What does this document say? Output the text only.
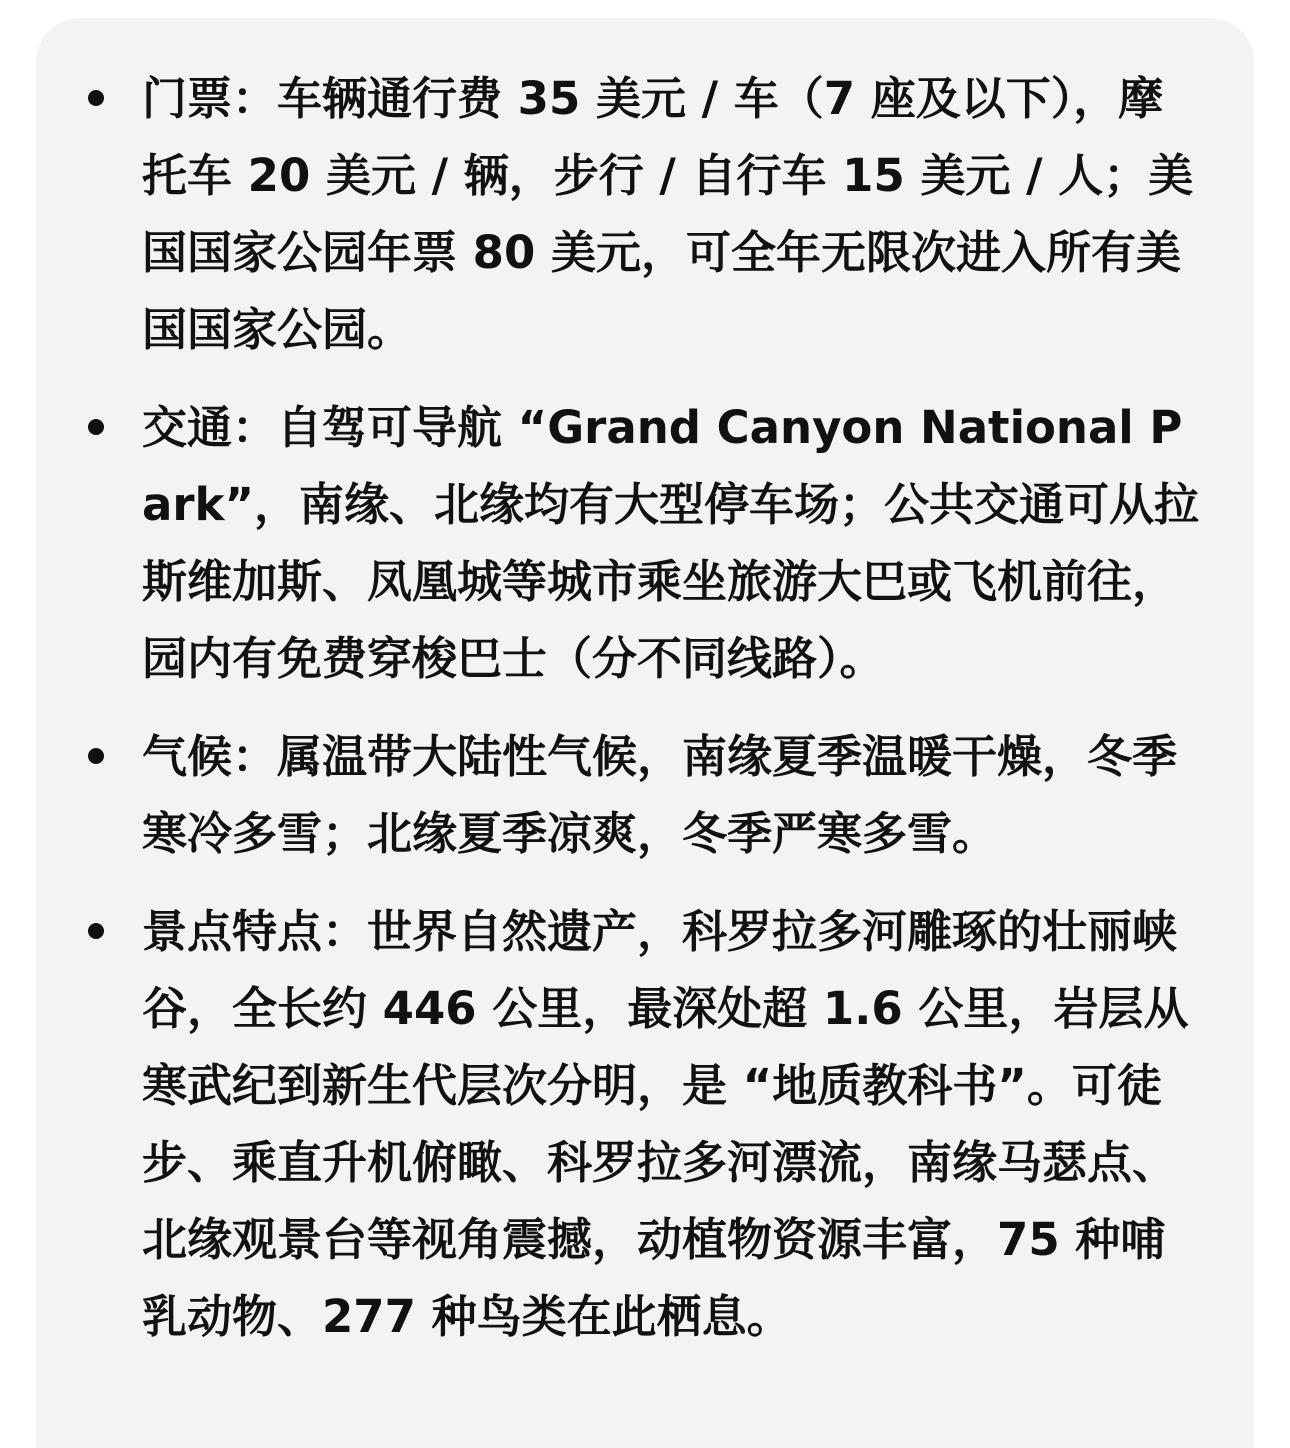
门票：车辆通行费 35 美元 / 车（7 座及以下），摩托车 20 美元 / 辆，步行 / 自行车 15 美元 / 人；美国国家公园年票 80 美元，可全年无限次进入所有美国国家公园。
交通：自驾可导航 “Grand Canyon National Park”，南缘、北缘均有大型停车场；公共交通可从拉斯维加斯、凤凰城等城市乘坐旅游大巴或飞机前往，园内有免费穿梭巴士（分不同线路）。
气候：属温带大陆性气候，南缘夏季温暖干燥，冬季寒冷多雪；北缘夏季凉爽，冬季严寒多雪。
景点特点：世界自然遗产，科罗拉多河雕琢的壮丽峡谷，全长约 446 公里，最深处超 1.6 公里，岩层从寒武纪到新生代层次分明，是 “地质教科书”。可徒步、乘直升机俯瞰、科罗拉多河漂流，南缘马瑟点、北缘观景台等视角震撼，动植物资源丰富，75 种哺乳动物、277 种鸟类在此栖息。
